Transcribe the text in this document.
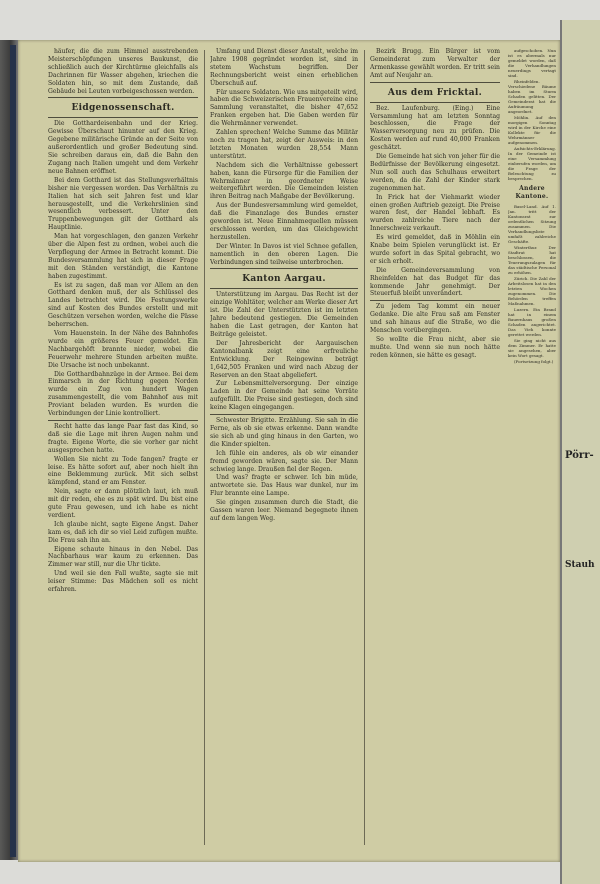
Pörr-
Stauh

häufer, die die zum Himmel ausstrebenden Meisterschöpfungen unseres Baukunst, die schließlich auch der Kirchtürme gleichfalls als Dachrinnen für Wasser abgehen, kriechen die Soldaten hin, so mit dem Zustande, daß Gebäude bei Leuten vorbeigeschossen werden.

Eidgenossenschaft.

Die Gotthardeisenbahn und der Krieg. Gewisse Überschaut hinunter auf den Krieg. Gegebene militärische Gründe an der Seite von außerordentlich und großer Bedeutung sind. Sie schreiben daraus ein, daß die Bahn den Zugang nach Italien umgeht und dem Verkehr neue Bahnen eröffnet.

Bei dem Gotthard ist das Stellungsverhältnis bisher nie vergessen worden. Das Verhältnis zu Italien hat sich seit Jahren fest und klar herausgestellt, und die Verkehrslinien sind wesentlich verbessert. Unter den Truppenbewegungen gilt der Gotthard als Hauptlinie.

Man hat vorgeschlagen, den ganzen Verkehr über die Alpen fest zu ordnen, wobei auch die Verpflegung der Armee in Betracht kommt. Die Bundesversammlung hat sich in dieser Frage mit den Ständen verständigt, die Kantone haben zugestimmt.

Es ist zu sagen, daß man vor Allem an den Gotthard denken muß, der als Schlüssel des Landes betrachtet wird. Die Festungswerke sind auf Kosten des Bundes erstellt und mit Geschützen versehen worden, welche die Pässe beherrschen.

Vom Hauenstein. In der Nähe des Bahnhofes wurde ein größeres Feuer gemeldet. Ein Nachbargehöft brannte nieder, wobei die Feuerwehr mehrere Stunden arbeiten mußte. Die Ursache ist noch unbekannt.

Die Gotthardbahnzüge in der Armee. Bei dem Einmarsch in der Richtung gegen Norden wurde ein Zug von hundert Wagen zusammengestellt, die vom Bahnhof aus mit Proviant beladen wurden. Es wurden die Verbindungen der Linie kontrolliert.

Recht hatte das lange Paar fast das Kind, so daß sie die Lage mit ihren Augen nahm und fragte. Eigene Worte, die sie vorher gar nicht ausgesprochen hatte.

Wollen Sie nicht zu Tode fangen? fragte er leise. Es hätte sofort auf, aber noch hielt ihn eine Beklemmung zurück. Mit sich selbst kämpfend, stand er am Fenster.

Nein, sagte er dann plötzlich laut, ich muß mit dir reden, ehe es zu spät wird. Du bist eine gute Frau gewesen, und ich habe es nicht verdient.

Ich glaube nicht, sagte Eigene Angst. Daher kam es, daß ich dir so viel Leid zufügen mußte. Die Frau sah ihn an.

Eigene schaute hinaus in den Nebel. Das Nachbarhaus war kaum zu erkennen. Das Zimmer war still, nur die Uhr tickte.

Und weil sie den Fall wußte, sagte sie mit leiser Stimme: Das Mädchen soll es nicht erfahren.

Umfang und Dienst dieser Anstalt, welche im Jahre 1908 gegründet worden ist, sind in stetem Wachstum begriffen. Der Rechnungsbericht weist einen erheblichen Überschuß auf.

Für unsere Soldaten. Wie uns mitgeteilt wird, haben die Schweizerischen Frauenvereine eine Sammlung veranstaltet, die bisher 47,652 Franken ergeben hat. Die Gaben werden für die Wehrmänner verwendet.

Zahlen sprechen! Welche Summe das Militär noch zu tragen hat, zeigt der Ausweis: in den letzten Monaten wurden 28,554 Mann unterstützt.

Nachdem sich die Verhältnisse gebessert haben, kann die Fürsorge für die Familien der Wehrmänner in geordneter Weise weitergeführt werden. Die Gemeinden leisten ihren Beitrag nach Maßgabe der Bevölkerung.

Aus der Bundesversammlung wird gemeldet, daß die Finanzlage des Bundes ernster geworden ist. Neue Einnahmequellen müssen erschlossen werden, um das Gleichgewicht herzustellen.

Der Winter. In Davos ist viel Schnee gefallen, namentlich in den oberen Lagen. Die Verbindungen sind teilweise unterbrochen.

Kanton Aargau.

Unterstützung im Aargau. Das Recht ist der einzige Wohltäter, welcher am Werke dieser Art ist. Die Zahl der Unterstützten ist im letzten Jahre bedeutend gestiegen. Die Gemeinden haben die Last getragen, der Kanton hat Beiträge geleistet.

Der Jahresbericht der Aargauischen Kantonalbank zeigt eine erfreuliche Entwicklung. Der Reingewinn beträgt 1,642,505 Franken und wird nach Abzug der Reserven an den Staat abgeliefert.

Zur Lebensmittelversorgung. Der einzige Laden in der Gemeinde hat seine Vorräte aufgefüllt. Die Preise sind gestiegen, doch sind keine Klagen eingegangen.

Schwester Brigitte. Erzählung. Sie sah in die Ferne, als ob sie etwas erkenne. Dann wandte sie sich ab und ging hinaus in den Garten, wo die Kinder spielten.

Ich fühle ein anderes, als ob wir einander fremd geworden wären, sagte sie. Der Mann schwieg lange. Draußen fiel der Regen.

Und was? fragte er schwer. Ich bin müde, antwortete sie. Das Haus war dunkel, nur im Flur brannte eine Lampe.

Sie gingen zusammen durch die Stadt, die Gassen waren leer. Niemand begegnete ihnen auf dem langen Weg.

Bezirk Brugg. Ein Bürger ist vom Gemeinderat zum Verwalter der Armenkasse gewählt worden. Er tritt sein Amt auf Neujahr an.

Aus dem Fricktal.

Bez. Laufenburg. (Eing.) Eine Versammlung hat am letzten Sonntag beschlossen, die Frage der Wasserversorgung neu zu prüfen. Die Kosten werden auf rund 40,000 Franken geschätzt.

Die Gemeinde hat sich von jeher für die Bedürfnisse der Bevölkerung eingesetzt. Nun soll auch das Schulhaus erweitert werden, da die Zahl der Kinder stark zugenommen hat.

In Frick hat der Viehmarkt wieder einen großen Auftrieb gezeigt. Die Preise waren fest, der Handel lebhaft. Es wurden zahlreiche Tiere nach der Innerschweiz verkauft.

Es wird gemeldet, daß in Möhlin ein Knabe beim Spielen verunglückt ist. Er wurde sofort in das Spital gebracht, wo er sich erholt.

Die Gemeindeversammlung von Rheinfelden hat das Budget für das kommende Jahr genehmigt. Der Steuerfuß bleibt unverändert.

Zu jedem Tag kommt ein neuer Gedanke. Die alte Frau saß am Fenster und sah hinaus auf die Straße, wo die Menschen vorübergingen.

So wollte die Frau nicht, aber sie mußte. Und wenn sie nun noch hätte reden können, sie hätte es gesagt.

aufgeschoben. Nun ist es abermals nur gemeldet worden, daß die Verhandlungen neuerdings vertagt sind.

Rheinfelden. Verschiedene Bäume haben im Sturm Schaden gelitten. Der Gemeinderat hat die Aufräumung angeordnet.

Möhlin. Auf den morgigen Sonntag wird in der Kirche eine Kollekte für die Wehrmänner aufgenommen.

Aufsichts-Erklärung. In der Gemeinde ist eine Versammlung einberufen worden, um die Frage der Beleuchtung zu besprechen.

Andere Kantone.

Basel-Land. Auf 1. Jan. tritt der Kantonsrat zur ordentlichen Sitzung zusammen. Die Verhandlungsliste umfaßt zahlreiche Geschäfte.

Winterthur. Der Stadtrat hat beschlossen, die Teuerungszulagen für das städtische Personal zu erhöhen.

Zürich. Die Zahl der Arbeitslosen hat in den letzten Wochen zugenommen. Die Behörden treffen Maßnahmen.

Luzern. Ein Brand hat in einem Bauernhaus großen Schaden angerichtet. Das Vieh konnte gerettet werden.

Sie ging nicht aus dem Zimmer. Er hatte sie angesehen, aber kein Wort gesagt.

(Fortsetzung folgt.)
